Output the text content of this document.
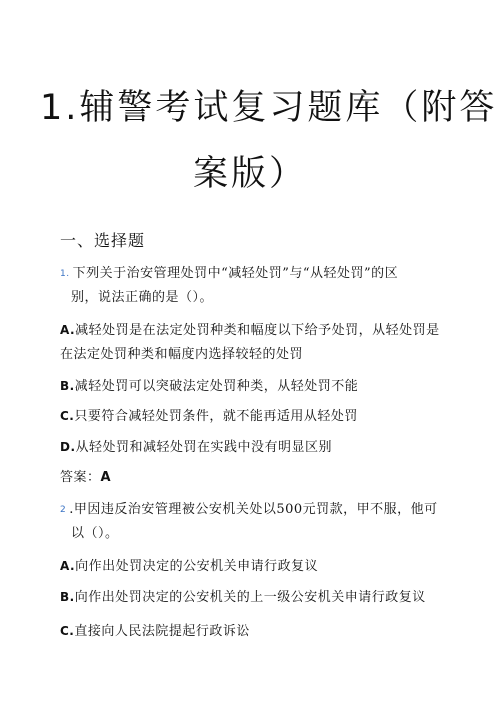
1.辅警考试复习题库（附答
案版）
一、选择题
1. 下列关于治安管理处罚中“减轻处罚”与“从轻处罚”的区
别，说法正确的是（）。
A.减轻处罚是在法定处罚种类和幅度以下给予处罚，从轻处罚是
在法定处罚种类和幅度内选择较轻的处罚
B.减轻处罚可以突破法定处罚种类，从轻处罚不能
C.只要符合减轻处罚条件，就不能再适用从轻处罚
D.从轻处罚和减轻处罚在实践中没有明显区别
答案：A
2 .甲因违反治安管理被公安机关处以500元罚款，甲不服，他可
以（）。
A.向作出处罚决定的公安机关申请行政复议
B.向作出处罚决定的公安机关的上一级公安机关申请行政复议
C.直接向人民法院提起行政诉讼
